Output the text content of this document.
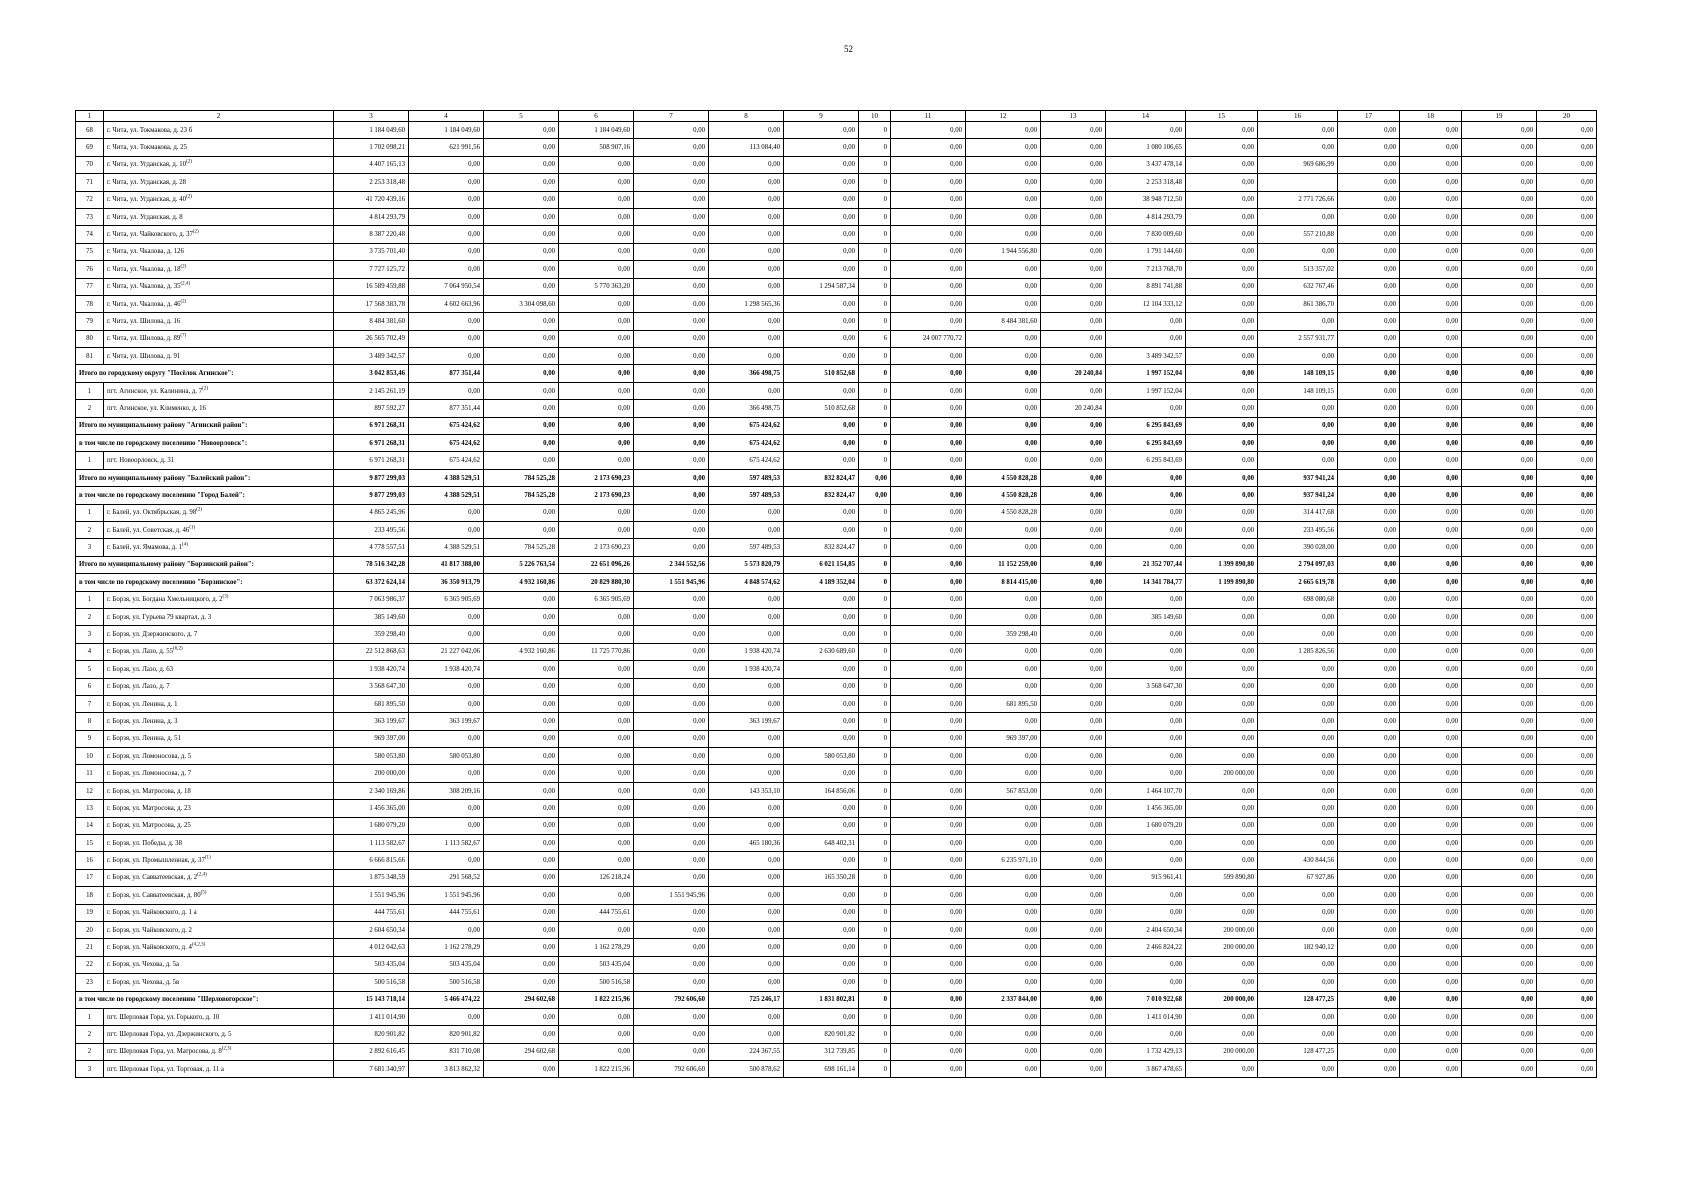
52
1	2	3	4	5	6	7	8	9	10	11	12	13	14	15	16	17	18	19	20
68	г. Чита, ул. Токмакова, д. 23 б	1 184 049,60	1 184 049,60	0,00	1 184 049,60	0,00	0,00	0,00	0	0,00	0,00	0,00	0,00	0,00	0,00	0,00	0,00	0,00	0,00
69	г. Чита, ул. Токмакова, д. 25	1 702 098,21	621 991,56	0,00	508 907,16	0,00	113 084,40	0,00	0	0,00	0,00	0,00	1 080 106,65	0,00	0,00	0,00	0,00	0,00	0,00
70	г. Чита, ул. Угданская, д. 10$^{(2)}$	4 407 165,13	0,00	0,00	0,00	0,00	0,00	0,00	0	0,00	0,00	0,00	3 437 478,14	0,00	969 686,99	0,00	0,00	0,00	0,00
71	г. Чита, ул. Угданская, д. 28	2 253 318,48	0,00	0,00	0,00	0,00	0,00	0,00	0	0,00	0,00	0,00	2 253 318,48	0,00		0,00	0,00	0,00	0,00
72	г. Чита, ул. Угданская, д. 40$^{(2)}$	41 720 439,16	0,00	0,00	0,00	0,00	0,00	0,00	0	0,00	0,00	0,00	38 948 712,50	0,00	2 771 726,66	0,00	0,00	0,00	0,00
73	г. Чита, ул. Угданская, д. 8	4 814 293,79	0,00	0,00	0,00	0,00	0,00	0,00	0	0,00	0,00	0,00	4 814 293,79	0,00	0,00	0,00	0,00	0,00	0,00
74	г. Чита, ул. Чайковского, д. 37$^{(2)}$	8 387 220,48	0,00	0,00	0,00	0,00	0,00	0,00	0	0,00	0,00	0,00	7 830 009,60	0,00	557 210,88	0,00	0,00	0,00	0,00
75	г. Чита, ул. Чкалова, д. 126	3 735 701,40	0,00	0,00	0,00	0,00	0,00	0,00	0	0,00	1 944 556,80	0,00	1 791 144,60	0,00	0,00	0,00	0,00	0,00	0,00
76	г. Чита, ул. Чкалова, д. 18$^{(2)}$	7 727 125,72	0,00	0,00	0,00	0,00	0,00	0,00	0	0,00	0,00	0,00	7 213 768,70	0,00	513 357,02	0,00	0,00	0,00	0,00
77	г. Чита, ул. Чкалова, д. 35$^{(2,4)}$	16 589 459,88	7 064 950,54	0,00	5 770 363,20	0,00	0,00	1 294 587,34	0	0,00	0,00	0,00	8 891 741,88	0,00	632 767,46	0,00	0,00	0,00	0,00
78	г. Чита, ул. Чкалова, д. 46$^{(2)}$	17 568 383,78	4 602 663,96	3 304 098,60	0,00	0,00	1 298 565,36	0,00	0	0,00	0,00	0,00	12 104 333,12	0,00	861 386,70	0,00	0,00	0,00	0,00
79	г. Чита, ул. Шилова, д. 16	8 484 381,60	0,00	0,00	0,00	0,00	0,00	0,00	0	0,00	8 484 381,60	0,00	0,00	0,00	0,00	0,00	0,00	0,00	0,00
80	г. Чита, ул. Шилова, д. 89$^{(7)}$	26 565 702,49	0,00	0,00	0,00	0,00	0,00	0,00	6	24 007 770,72	0,00	0,00	0,00	0,00	2 557 931,77	0,00	0,00	0,00	0,00
81	г. Чита, ул. Шилова, д. 91	3 489 342,57	0,00	0,00	0,00	0,00	0,00	0,00	0	0,00	0,00	0,00	3 489 342,57	0,00	0,00	0,00	0,00	0,00	0,00
Итого по городскому округу "Посёлок Агинское":		3 042 853,46	877 351,44	0,00	0,00	0,00	366 498,75	510 852,68	0	0,00	0,00	20 240,84	1 997 152,04	0,00	148 109,15	0,00	0,00	0,00	0,00
1	пгт. Агинское, ул. Калинина, д. 7$^{(2)}$	2 145 261,19	0,00	0,00	0,00	0,00	0,00	0,00	0	0,00	0,00	0,00	1 997 152,04	0,00	148 109,15	0,00	0,00	0,00	0,00
2	пгт. Агинское, ул. Клименко, д. 16	897 592,27	877 351,44	0,00	0,00	0,00	366 498,75	510 852,68	0	0,00	0,00	20 240,84	0,00	0,00	0,00	0,00	0,00	0,00	0,00
Итого по муниципальному району "Агинский район":		6 971 268,31	675 424,62	0,00	0,00	0,00	675 424,62	0,00	0	0,00	0,00	0,00	6 295 843,69	0,00	0,00	0,00	0,00	0,00	0,00
в том числе по городскому поселению "Новоорловск":		6 971 268,31	675 424,62	0,00	0,00	0,00	675 424,62	0,00	0	0,00	0,00	0,00	6 295 843,69	0,00	0,00	0,00	0,00	0,00	0,00
1	пгт. Новоорловск, д. 31	6 971 268,31	675 424,62	0,00	0,00	0,00	675 424,62	0,00	0	0,00	0,00	0,00	6 295 843,69	0,00	0,00	0,00	0,00	0,00	0,00
Итого по муниципальному району "Балейский район":		9 877 299,03	4 388 529,51	784 525,28	2 173 690,23	0,00	597 489,53	832 824,47	0,00	0,00	4 550 828,28	0,00	0,00	0,00	937 941,24	0,00	0,00	0,00	0,00
в том числе по городскому поселению "Город Балей":		9 877 299,03	4 388 529,51	784 525,28	2 173 690,23	0,00	597 489,53	832 824,47	0,00	0,00	4 550 828,28	0,00	0,00	0,00	937 941,24	0,00	0,00	0,00	0,00
1	г. Балей, ул. Октябрьская, д. 98$^{(2)}$	4 865 245,96	0,00	0,00	0,00	0,00	0,00	0,00	0	0,00	4 550 828,28	0,00	0,00	0,00	314 417,68	0,00	0,00	0,00	0,00
2	г. Балей, ул. Советская, д. 46$^{(1)}$	233 495,56	0,00	0,00	0,00	0,00	0,00	0,00	0	0,00	0,00	0,00	0,00	0,00	233 495,56	0,00	0,00	0,00	0,00
3	г. Балей, ул. Ямамова, д. 1$^{(4)}$	4 778 557,51	4 388 529,51	784 525,28	2 173 690,23	0,00	597 489,53	832 824,47	0	0,00	0,00	0,00	0,00	0,00	390 028,00	0,00	0,00	0,00	0,00
Итого по муниципальному району "Борзинский район":		78 516 342,28	41 817 388,00	5 226 763,54	22 651 096,26	2 344 552,56	5 573 820,79	6 021 154,85	0	0,00	11 152 259,00	0,00	21 352 707,44	1 399 890,80	2 794 097,03	0,00	0,00	0,00	0,00
в том числе по городскому поселению "Борзинское":		63 372 624,14	36 350 913,79	4 932 160,86	20 829 880,30	1 551 945,96	4 848 574,62	4 189 352,04	0	0,00	8 814 415,00	0,00	14 341 784,77	1 199 890,80	2 665 619,78	0,00	0,00	0,00	0,00
1	г. Борзя, ул. Богдана Хмельницкого, д. 2$^{(3)}$	7 063 986,37	6 365 905,69	0,00	6 365 905,69	0,00	0,00	0,00	0	0,00	0,00	0,00	0,00	0,00	698 080,68	0,00	0,00	0,00	0,00
2	г. Борзя, ул. Гурьева 79 квартал, д. 3	385 149,60	0,00	0,00	0,00	0,00	0,00	0,00	0	0,00	0,00	0,00	385 149,60	0,00	0,00	0,00	0,00	0,00	0,00
3	г. Борзя, ул. Дзержинского, д. 7	359 298,40	0,00	0,00	0,00	0,00	0,00	0,00	0	0,00	359 298,40	0,00	0,00	0,00	0,00	0,00	0,00	0,00	0,00
4	г. Борзя, ул. Лазо, д. 55$^{(6,2)}$	22 512 868,63	21 227 042,06	4 932 160,86	11 725 770,86	0,00	1 938 420,74	2 630 689,60	0	0,00	0,00	0,00	0,00	0,00	1 285 826,56	0,00	0,00	0,00	0,00
5	г. Борзя, ул. Лазо, д. 63	1 938 420,74	1 938 420,74	0,00	0,00	0,00	1 938 420,74	0,00	0	0,00	0,00	0,00	0,00	0,00	0,00	0,00	0,00	0,00	0,00
6	г. Борзя, ул. Лазо, д. 7	3 568 647,30	0,00	0,00	0,00	0,00	0,00	0,00	0	0,00	0,00	0,00	3 568 647,30	0,00	0,00	0,00	0,00	0,00	0,00
7	г. Борзя, ул. Ленина, д. 1	681 895,50	0,00	0,00	0,00	0,00	0,00	0,00	0	0,00	681 895,50	0,00	0,00	0,00	0,00	0,00	0,00	0,00	0,00
8	г. Борзя, ул. Ленина, д. 3	363 199,67	363 199,67	0,00	0,00	0,00	363 199,67	0,00	0	0,00	0,00	0,00	0,00	0,00	0,00	0,00	0,00	0,00	0,00
9	г. Борзя, ул. Ленина, д. 51	969 397,00	0,00	0,00	0,00	0,00	0,00	0,00	0	0,00	969 397,00	0,00	0,00	0,00	0,00	0,00	0,00	0,00	0,00
10	г. Борзя, ул. Ломоносова, д. 5	580 053,80	580 053,80	0,00	0,00	0,00	0,00	580 053,80	0	0,00	0,00	0,00	0,00	0,00	0,00	0,00	0,00	0,00	0,00
11	г. Борзя, ул. Ломоносова, д. 7	200 000,00	0,00	0,00	0,00	0,00	0,00	0,00	0	0,00	0,00	0,00	0,00	200 000,00	0,00	0,00	0,00	0,00	0,00
12	г. Борзя, ул. Матросова, д. 18	2 340 169,86	308 209,16	0,00	0,00	0,00	143 353,10	164 856,06	0	0,00	567 853,00	0,00	1 464 107,70	0,00	0,00	0,00	0,00	0,00	0,00
13	г. Борзя, ул. Матросова, д. 23	1 456 365,00	0,00	0,00	0,00	0,00	0,00	0,00	0	0,00	0,00	0,00	1 456 365,00	0,00	0,00	0,00	0,00	0,00	0,00
14	г. Борзя, ул. Матросова, д. 25	1 680 079,20	0,00	0,00	0,00	0,00	0,00	0,00	0	0,00	0,00	0,00	1 680 079,20	0,00	0,00	0,00	0,00	0,00	0,00
15	г. Борзя, ул. Победы, д. 38	1 113 582,67	1 113 582,67	0,00	0,00	0,00	465 180,36	648 402,31	0	0,00	0,00	0,00	0,00	0,00	0,00	0,00	0,00	0,00	0,00
16	г. Борзя, ул. Промышленная, д. 37$^{(1)}$	6 666 815,66	0,00	0,00	0,00	0,00	0,00	0,00	0	0,00	6 235 971,10	0,00	0,00	0,00	430 844,56	0,00	0,00	0,00	0,00
17	г. Борзя, ул. Савватеевская, д. 2$^{(2,4)}$	1 875 348,59	291 568,52	0,00	126 218,24	0,00	0,00	165 350,28	0	0,00	0,00	0,00	915 961,41	599 890,80	67 927,86	0,00	0,00	0,00	0,00
18	г. Борзя, ул. Савватеевская, д. 80$^{(5)}$	1 551 945,96	1 551 945,96	0,00	0,00	1 551 945,96	0,00	0,00	0	0,00	0,00	0,00	0,00	0,00	0,00	0,00	0,00	0,00	0,00
19	г. Борзя, ул. Чайковского, д. 1 а	444 755,61	444 755,61	0,00	444 755,61	0,00	0,00	0,00	0	0,00	0,00	0,00	0,00	0,00	0,00	0,00	0,00	0,00	0,00
20	г. Борзя, ул. Чайковского, д. 2	2 604 650,34	0,00	0,00	0,00	0,00	0,00	0,00	0	0,00	0,00	0,00	2 404 650,34	200 000,00	0,00	0,00	0,00	0,00	0,00
21	г. Борзя, ул. Чайковского, д. 4$^{(4,2,3)}$	4 012 042,63	1 162 278,29	0,00	1 162 278,29	0,00	0,00	0,00	0	0,00	0,00	0,00	2 466 824,22	200 000,00	182 940,12	0,00	0,00	0,00	0,00
22	г. Борзя, ул. Чехова, д. 5а	503 435,04	503 435,04	0,00	503 435,04	0,00	0,00	0,00	0	0,00	0,00	0,00	0,00	0,00	0,00	0,00	0,00	0,00	0,00
23	г. Борзя, ул. Чехова, д. 5в	500 516,58	500 516,58	0,00	500 516,58	0,00	0,00	0,00	0	0,00	0,00	0,00	0,00	0,00	0,00	0,00	0,00	0,00	0,00
в том числе по городскому поселению "Шерловогорское":		15 143 718,14	5 466 474,22	294 602,68	1 822 215,96	792 606,60	725 246,17	1 831 802,81	0	0,00	2 337 844,00	0,00	7 010 922,68	200 000,00	128 477,25	0,00	0,00	0,00	0,00
1	пгт. Шерловая Гора, ул. Горького, д. 10	1 411 014,90	0,00	0,00	0,00	0,00	0,00	0,00	0	0,00	0,00	0,00	1 411 014,90	0,00	0,00	0,00	0,00	0,00	0,00
2	пгт. Шерловая Гора, ул. Дзержинского, д. 5	820 901,82	820 901,82	0,00	0,00	0,00	0,00	820 901,82	0	0,00	0,00	0,00	0,00	0,00	0,00	0,00	0,00	0,00	0,00
2	пгт. Шерловая Гора, ул. Матросова, д. 8$^{(2,3)}$	2 892 616,45	831 710,08	294 602,68	0,00	0,00	224 367,55	312 739,85	0	0,00	0,00	0,00	1 732 429,13	200 000,00	128 477,25	0,00	0,00	0,00	0,00
3	пгт. Шерловая Гора, ул. Торговая, д. 11 а	7 681 340,97	3 813 862,32	0,00	1 822 215,96	792 606,60	500 878,62	698 161,14	0	0,00	0,00	0,00	3 867 478,65	0,00	0,00	0,00	0,00	0,00	0,00
